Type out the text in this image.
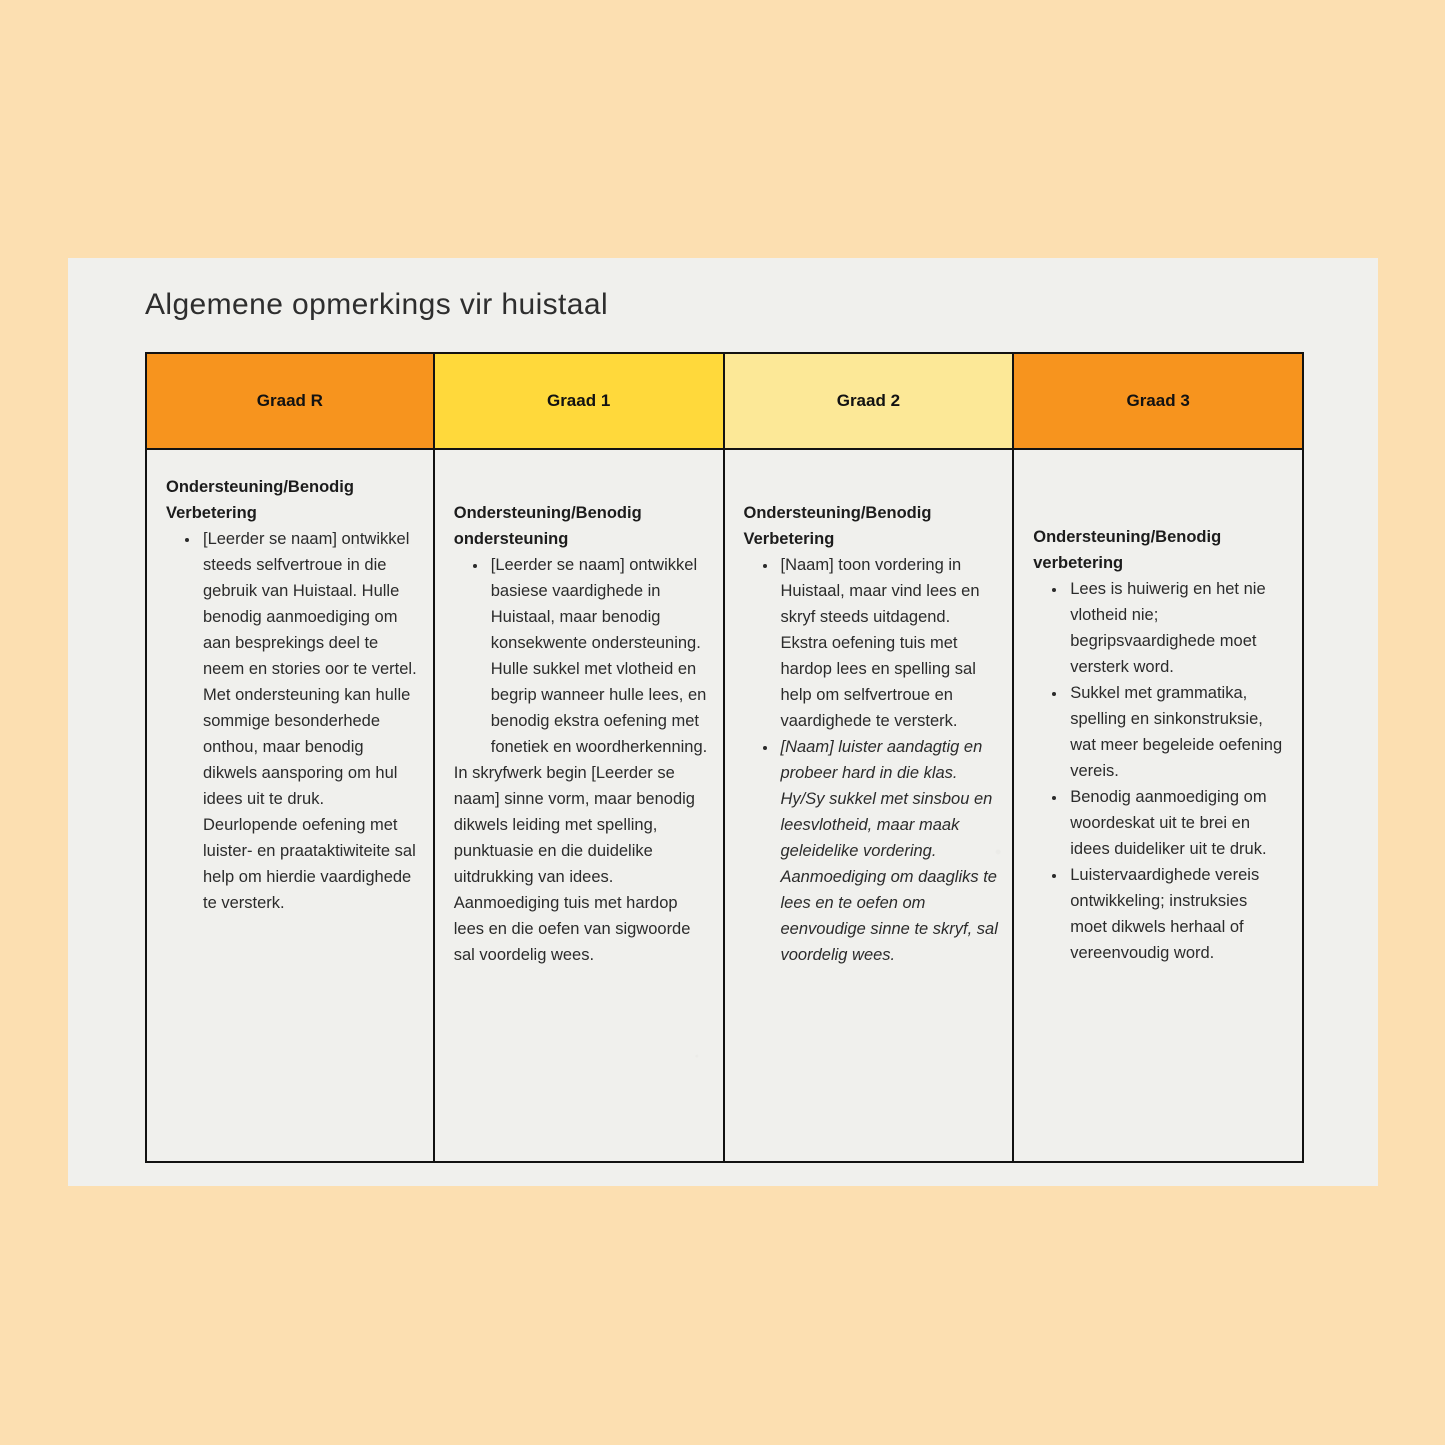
Algemene opmerkings vir huistaal
Graad R

Ondersteuning/Benodig Verbetering

• [Leerder se naam] ontwikkel steeds selfvertroue in die gebruik van Huistaal. Hulle benodig aanmoediging om aan besprekings deel te neem en stories oor te vertel. Met ondersteuning kan hulle sommige besonderhede onthou, maar benodig dikwels aansporing om hul idees uit te druk. Deurlopende oefening met luister- en praataktiwiteite sal help om hierdie vaardighede te versterk.
Graad 1

Ondersteuning/Benodig ondersteuning

• [Leerder se naam] ontwikkel basiese vaardighede in Huistaal, maar benodig konsekwente ondersteuning. Hulle sukkel met vlotheid en begrip wanneer hulle lees, en benodig ekstra oefening met fonetiek en woordherkenning.

In skryfwerk begin [Leerder se naam] sinne vorm, maar benodig dikwels leiding met spelling, punktuasie en die duidelike uitdrukking van idees. Aanmoediging tuis met hardop lees en die oefen van sigwoorde sal voordelig wees.

Graad 2

Ondersteuning/Benodig Verbetering

• [Naam] toon vordering in Huistaal, maar vind lees en skryf steeds uitdagend. Ekstra oefening tuis met hardop lees en spelling sal help om selfvertroue en vaardighede te versterk.
• [Naam] luister aandagtig en probeer hard in die klas. Hy/Sy sukkel met sinsbou en leesvlotheid, maar maak geleidelike vordering. Aanmoediging om daagliks te lees en te oefen om eenvoudige sinne te skryf, sal voordelig wees.
Graad 3

Ondersteuning/Benodig verbetering

• Lees is huiwerig en het nie vlotheid nie; begripsvaardighede moet versterk word.
• Sukkel met grammatika, spelling en sinkonstruksie, wat meer begeleide oefening vereis.
• Benodig aanmoediging om woordeskat uit te brei en idees duideliker uit te druk.
• Luistervaardighede vereis ontwikkeling; instruksies moet dikwels herhaal of vereenvoudig word.
